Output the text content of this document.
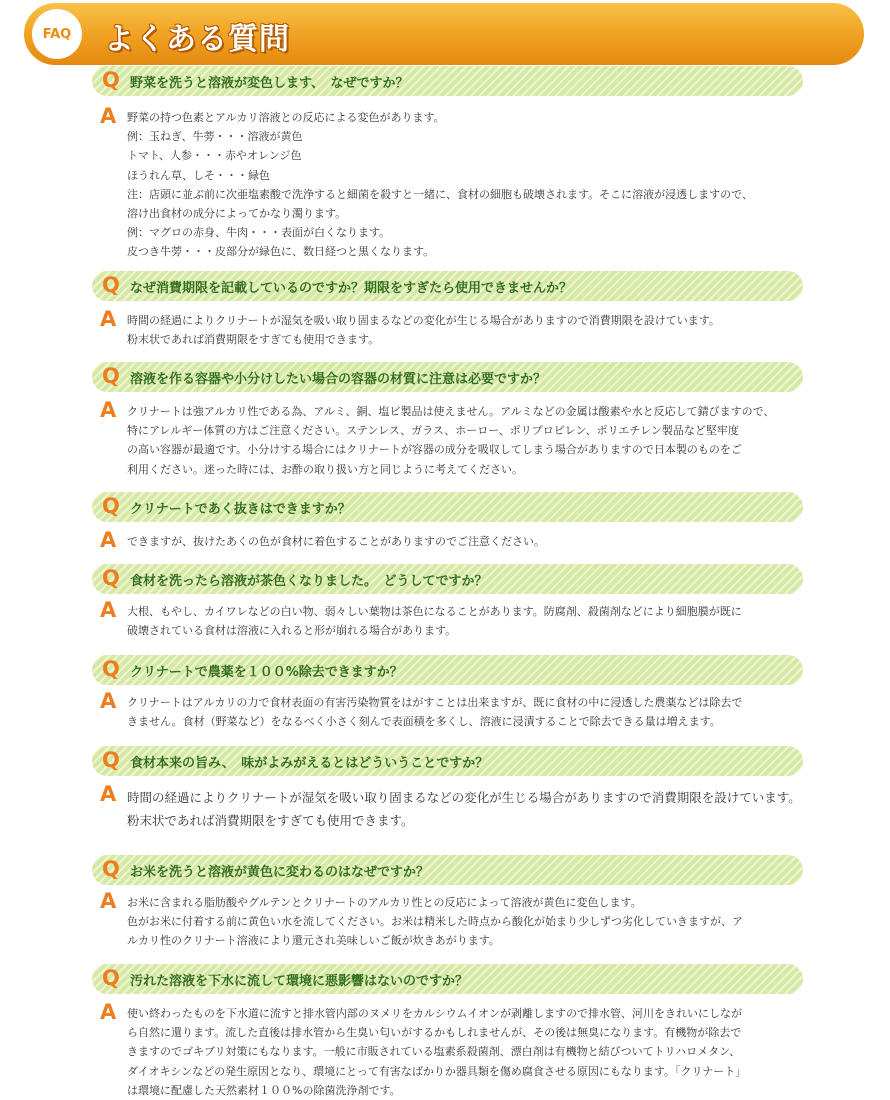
FAQ	よくある質問
Q 野菜を洗うと溶液が変色します、　なぜですか？
A 野菜の持つ色素とアルカリ溶液との反応による変色があります。
例：玉ねぎ、牛蒡・・・溶液が黄色
トマト、人参・・・赤やオレンジ色
ほうれん草、しそ・・・緑色
注：店頭に並ぶ前に次亜塩素酸で洗浄すると細菌を殺すと一緒に、食材の細胞も破壊されます。そこに溶液が浸透しますので、
溶け出食材の成分によってかなり濁ります。
例：マグロの赤身、牛肉・・・表面が白くなります。
皮つき牛蒡・・・皮部分が緑色に、数日経つと黒くなります。
Q なぜ消費期限を記載しているのですか？期限をすぎたら使用できませんか？
A 時間の経過によりクリナートが湿気を吸い取り固まるなどの変化が生じる場合がありますので消費期限を設けています。
粉末状であれば消費期限をすぎても使用できます。
Q 溶液を作る容器や小分けしたい場合の容器の材質に注意は必要ですか？
A クリナートは強アルカリ性である為、アルミ、銅、塩ビ製品は使えません。アルミなどの金属は酸素や水と反応して錆びますので、
特にアレルギー体質の方はご注意ください。ステンレス、ガラス、ホーロー、ポリプロピレン、ポリエチレン製品など堅牢度
の高い容器が最適です。小分けする場合にはクリナートが容器の成分を吸収してしまう場合がありますので日本製のものをご
利用ください。迷った時には、お酢の取り扱い方と同じように考えてください。
Q クリナートであく抜きはできますか？
A できますが、抜けたあくの色が食材に着色することがありますのでご注意ください。
Q 食材を洗ったら溶液が茶色くなりました。　どうしてですか？
A 大根、もやし、カイワレなどの白い物、弱々しい葉物は茶色になることがあります。防腐剤、殺菌剤などにより細胞膜が既に
破壊されている食材は溶液に入れると形が崩れる場合があります。
Q クリナートで農薬を１００%除去できますか？
A クリナートはアルカリの力で食材表面の有害汚染物質をはがすことは出来ますが、既に食材の中に浸透した農薬などは除去で
きません。食材（野菜など）をなるべく小さく刻んで表面積を多くし、溶液に浸漬することで除去できる量は増えます。
Q 食材本来の旨み、　味がよみがえるとはどういうことですか？
A 時間の経過によりクリナートが湿気を吸い取り固まるなどの変化が生じる場合がありますので消費期限を設けています。
粉末状であれば消費期限をすぎても使用できます。
Q お米を洗うと溶液が黄色に変わるのはなぜですか？
A お米に含まれる脂肪酸やグルテンとクリナートのアルカリ性との反応によって溶液が黄色に変色します。
色がお米に付着する前に黄色い水を流してください。お米は精米した時点から酸化が始まり少しずつ劣化していきますが、ア
ルカリ性のクリナート溶液により還元され美味しいご飯が炊きあがります。
Q 汚れた溶液を下水に流して環境に悪影響はないのですか？
A 使い終わったものを下水道に流すと排水管内部のヌメリをカルシウムイオンが剥離しますので排水管、河川をきれいにしなが
ら自然に還ります。流した直後は排水管から生臭い匂いがするかもしれませんが、その後は無臭になります。有機物が除去で
きますのでゴキブリ対策にもなります。一般に市販されている塩素系殺菌剤、漂白剤は有機物と結びついてトリハロメタン、
ダイオキシンなどの発生原因となり、環境にとって有害なばかりか器具類を傷め腐食させる原因にもなります。「クリナート」
は環境に配慮した天然素材１００%の除菌洗浄剤です。
